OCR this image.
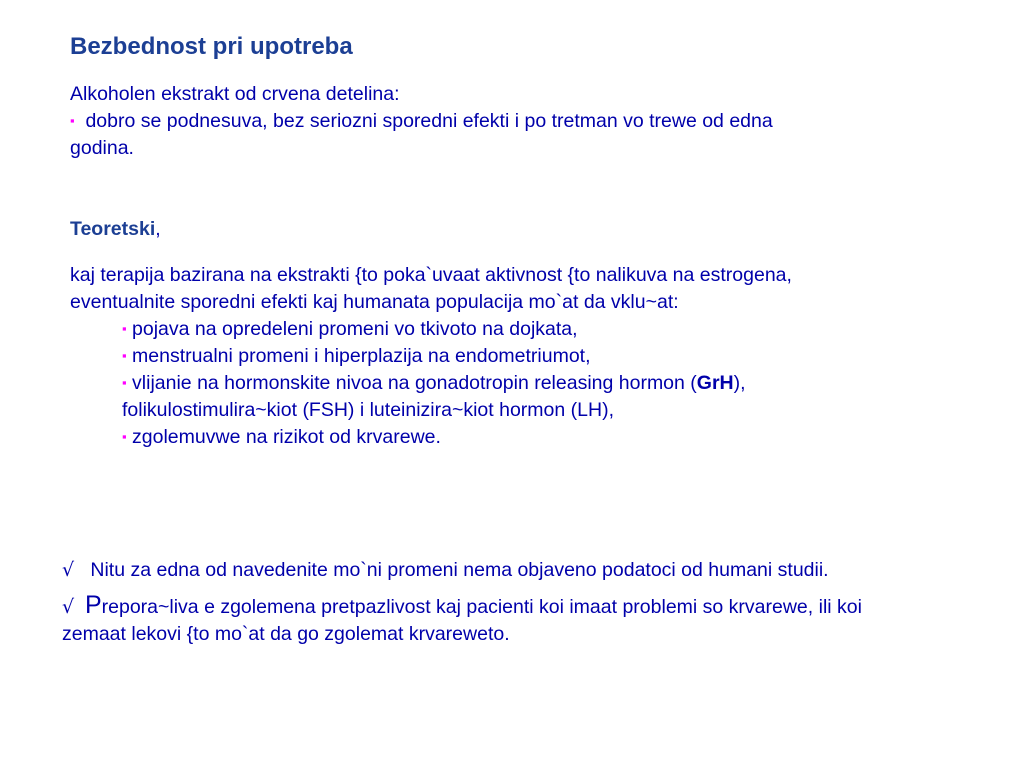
Bezbednost pri upotreba
Alkoholen ekstrakt od crvena detelina:
▪ dobro se podnesuva, bez seriozni sporedni efekti i po tretman vo trewe od edna
godina.
Teoretski,
kaj terapija bazirana na ekstrakti {to poka`uvaat aktivnost {to nalikuva na estrogena,
eventualnite sporedni efekti kaj humanata populacija mo`at da vklu~at:
▪ pojava na opredeleni promeni vo tkivoto na dojkata,
▪ menstrualni promeni i hiperplazija na endometriumot,
▪ vlijanie na hormonskite nivoa na gonadotropin releasing hormon (GrH),
folikulostimulira~kiot (FSH) i luteinizira~kiot hormon (LH),
▪ zgolemuvwe na rizikot od krvarewe.
√ Nitu za edna od navedenite mo`ni promeni nema objaveno podatoci od humani studii.
√ Prepora~liva e zgolemena pretpazlivost kaj pacienti koi imaat problemi so krvarewe, ili koi
zemaat lekovi {to mo`at da go zgolemat krvareweto.
